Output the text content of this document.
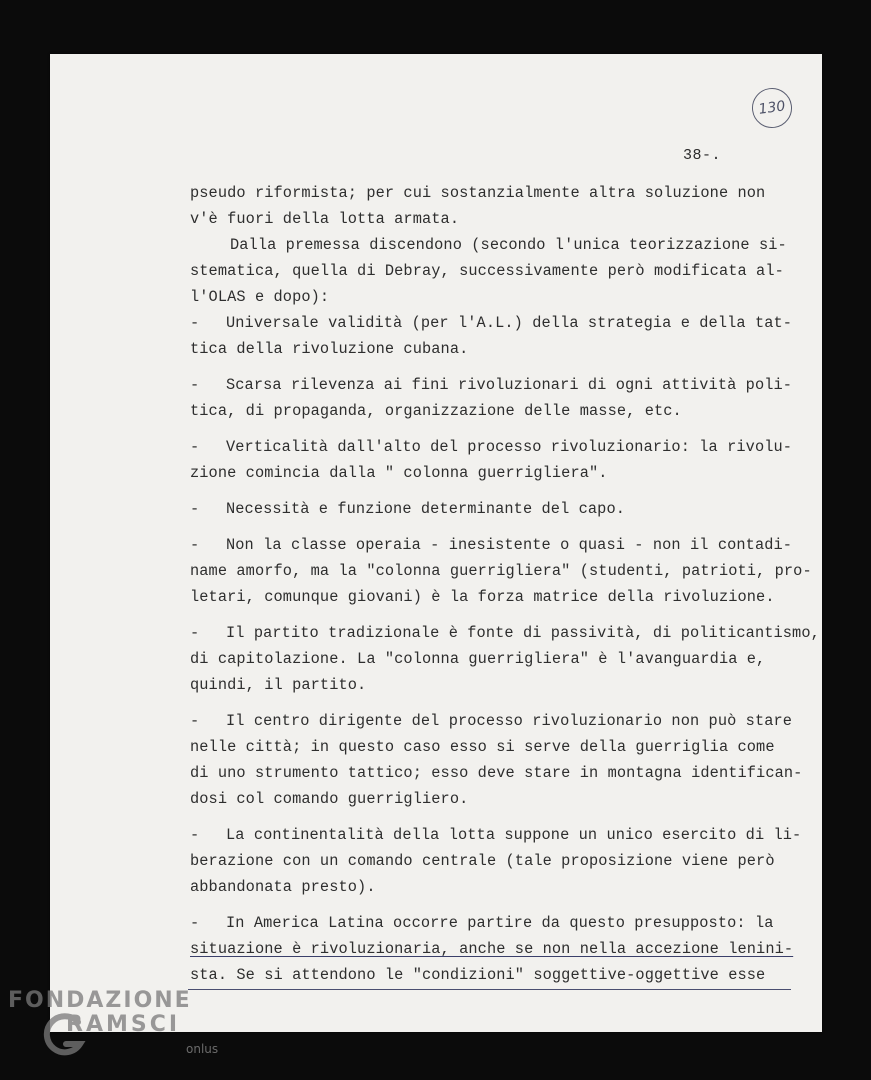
130
38-.

pseudo riformista; per cui sostanzialmente altra soluzione non
v'è fuori della lotta armata.

Dalla premessa discendono (secondo l'unica teorizzazione si-
stematica, quella di Debray, successivamente però modificata al-
l'OLAS e dopo):

- Universale validità (per l'A.L.) della strategia e della tat-
tica della rivoluzione cubana.
- Scarsa rilevenza ai fini rivoluzionari di ogni attività poli-
tica, di propaganda, organizzazione delle masse, etc.
- Verticalità dall'alto del processo rivoluzionario: la rivolu-
zione comincia dalla " colonna guerrigliera".
- Necessità e funzione determinante del capo.
- Non la classe operaia - inesistente o quasi - non il contadi-
name amorfo, ma la "colonna guerrigliera" (studenti, patrioti, pro-
letari, comunque giovani) è la forza matrice della rivoluzione.
- Il partito tradizionale è fonte di passività, di politicantismo,
di capitolazione. La "colonna guerrigliera" è l'avanguardia e,
quindi, il partito.
- Il centro dirigente del processo rivoluzionario non può stare
nelle città; in questo caso esso si serve della guerriglia come
di uno strumento tattico; esso deve stare in montagna identifican-
dosi col comando guerrigliero.
- La continentalità della lotta suppone un unico esercito di li-
berazione con un comando centrale (tale proposizione viene però
abbandonata presto).
- In America Latina occorre partire da questo presupposto: la
situazione è rivoluzionaria, anche se non nella accezione lenini-
sta. Se si attendono le "condizioni" soggettive-oggettive esse
FONDAZIONE
RAMSCI
onlus
